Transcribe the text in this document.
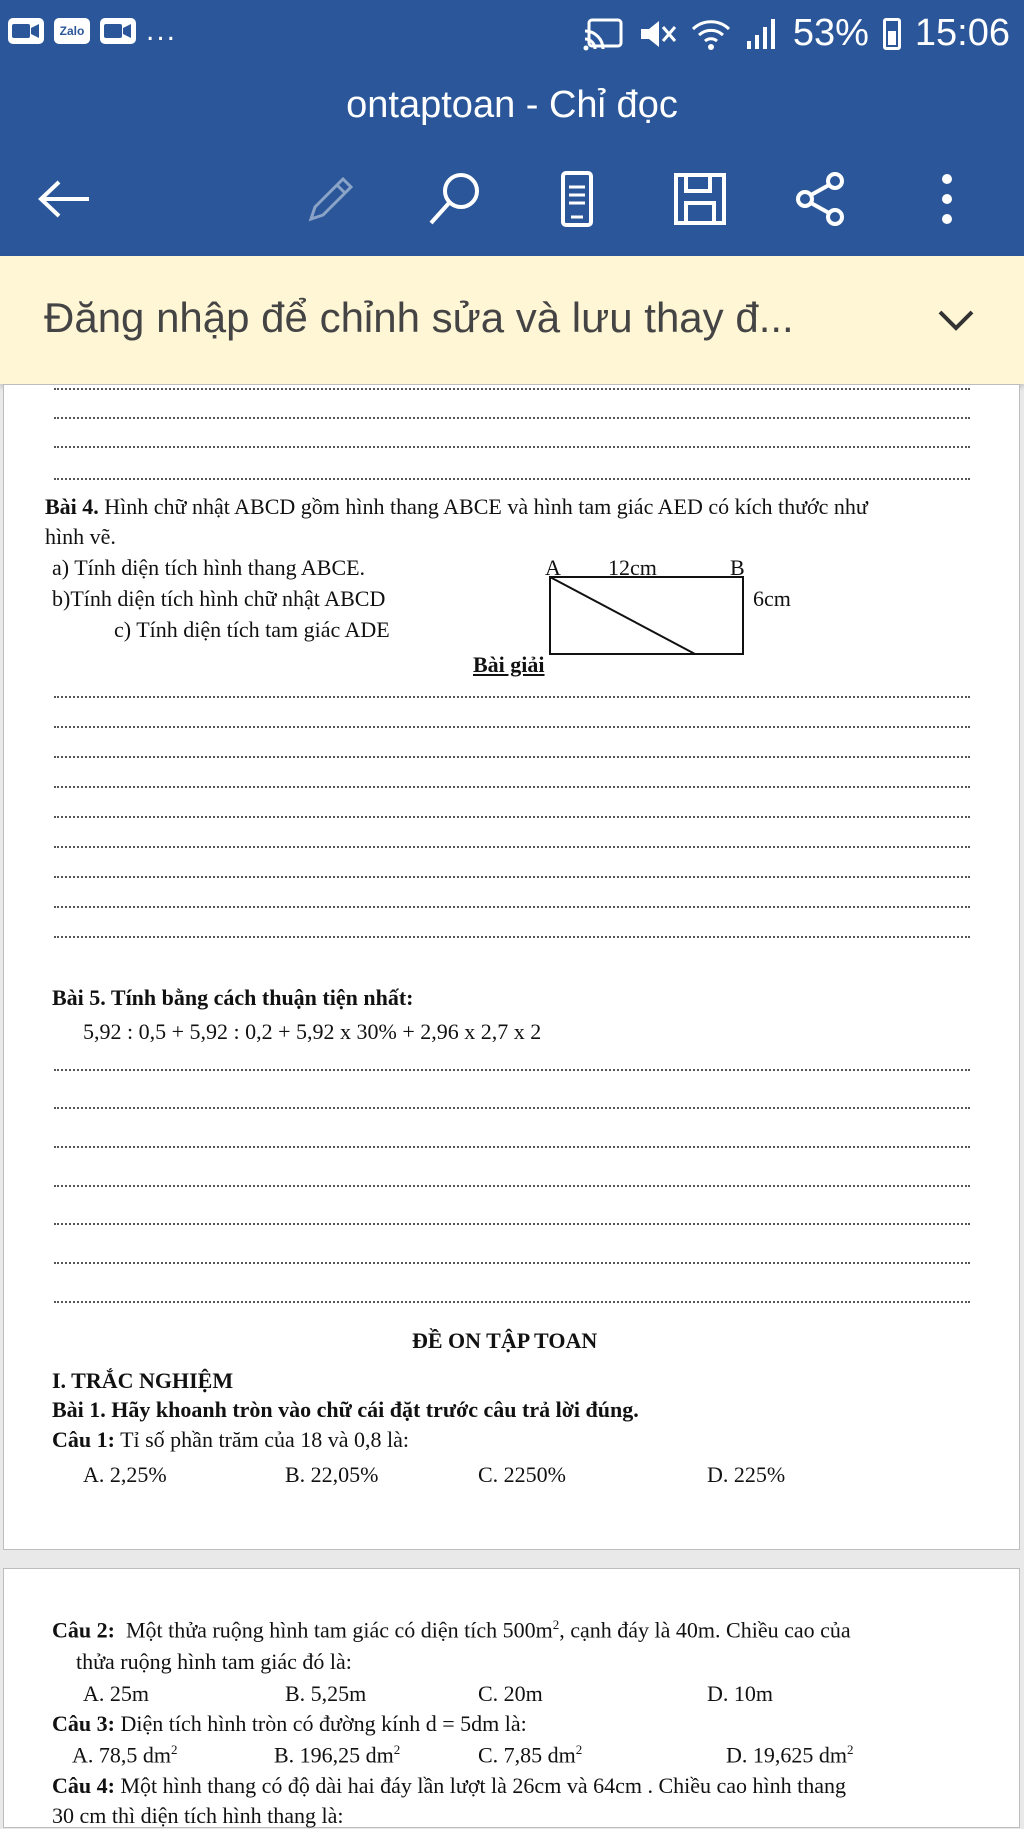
Zalo ...	53% 15:06
ontaptoan - Chỉ đọc
Đăng nhập để chỉnh sửa và lưu thay đ...
Bài 4. Hình chữ nhật ABCD gồm hình thang ABCE và hình tam giác AED có kích thước như
hình vẽ.
a) Tính diện tích hình thang ABCE.
b)Tính diện tích hình chữ nhật ABCD
c) Tính diện tích tam giác ADE
A 12cm	B
6cm
Bài giải
Bài 5. Tính bằng cách thuận tiện nhất:
5,92 : 0,5 + 5,92 : 0,2 + 5,92 x 30% + 2,96 x 2,7 x 2
ĐỀ ON TẬP TOAN
I. TRẮC NGHIỆM
Bài 1. Hãy khoanh tròn vào chữ cái đặt trước câu trả lời đúng.
Câu 1: Tỉ số phần trăm của 18 và 0,8 là:
A. 2,25%	B. 22,05%	C. 2250%	D. 225%
Câu 2: Một thửa ruộng hình tam giác có diện tích $500m^2$, cạnh đáy là 40m. Chiều cao của
thửa ruộng hình tam giác đó là:
A. 25m	B. 5,25m	C. 20m	D. 10m
Câu 3: Diện tích hình tròn có đường kính d = 5dm là:
A. 78,5 $dm^2$	B. 196,25 $dm^2$	C. 7,85 $dm^2$	D. 19,625 $dm^2$
Câu 4: Một hình thang có độ dài hai đáy lần lượt là 26cm và 64cm . Chiều cao hình thang
30 cm thì diện tích hình thang là:
